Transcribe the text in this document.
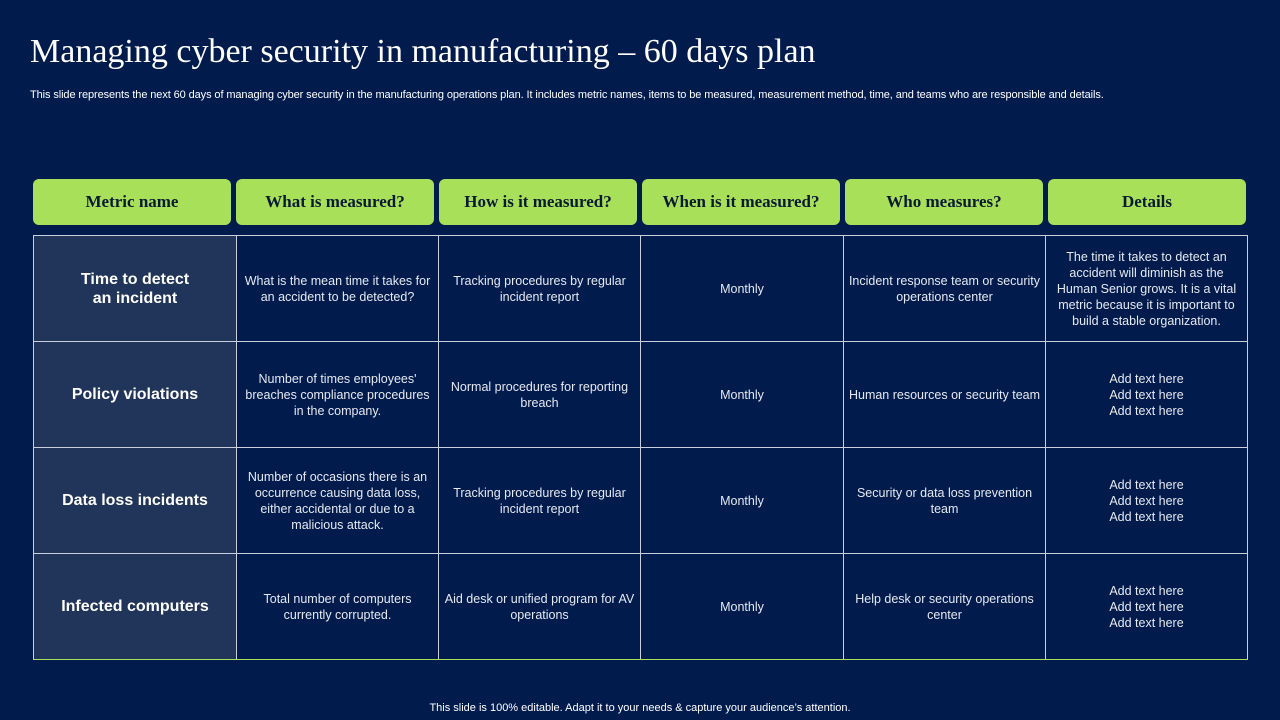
Managing cyber security in manufacturing – 60 days plan
This slide represents the next 60 days of managing cyber security in the manufacturing operations plan. It includes metric names, items to be measured, measurement method, time, and teams who are responsible and details.
Metric name	What is measured?	How is it measured?	When is it measured?	Who measures?	Details
Time to detect an incident	What is the mean time it takes for an accident to be detected?	Tracking procedures by regular incident report	Monthly	Incident response team or security operations center	The time it takes to detect an accident will diminish as the Human Senior grows. It is a vital metric because it is important to build a stable organization.

Policy violations	Number of times employees' breaches compliance procedures in the company.	Normal procedures for reporting breach	Monthly	Human resources or security team	Add text here
Add text here
Add text here

Data loss incidents	Number of occasions there is an occurrence causing data loss, either accidental or due to a malicious attack.	Tracking procedures by regular incident report	Monthly	Security or data loss prevention team	Add text here
Add text here
Add text here

Infected computers	Total number of computers currently corrupted.	Aid desk or unified program for AV operations	Monthly	Help desk or security operations center	Add text here
Add text here
Add text here
This slide is 100% editable. Adapt it to your needs & capture your audience’s attention.
